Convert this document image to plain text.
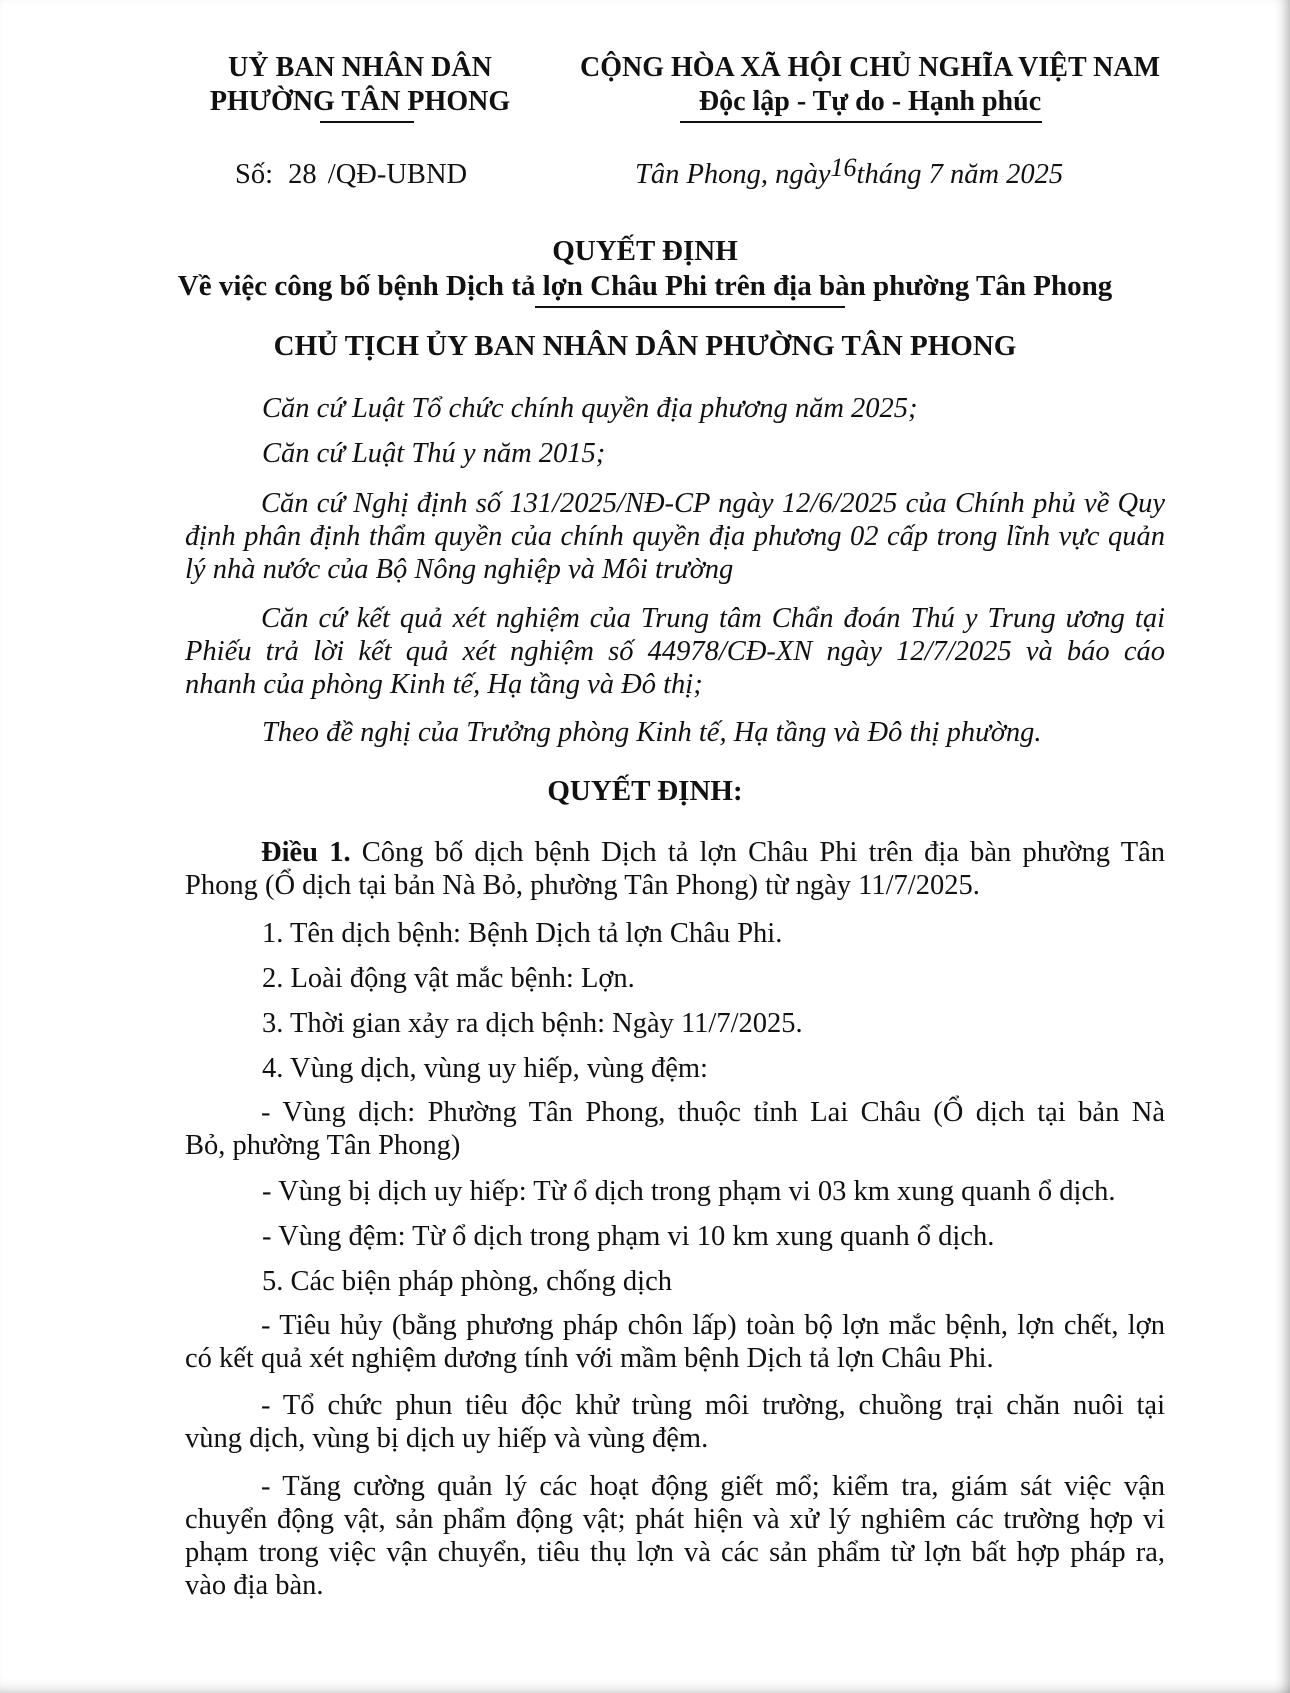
UỶ BAN NHÂN DÂN
PHƯỜNG TÂN PHONG
CỘNG HÒA XÃ HỘI CHỦ NGHĨA VIỆT NAM
Độc lập - Tự do - Hạnh phúc
Số: 28 /QĐ-UBND	Tân Phong, ngày16tháng 7 năm 2025
QUYẾT ĐỊNH
Về việc công bố bệnh Dịch tả lợn Châu Phi trên địa bàn phường Tân Phong
CHỦ TỊCH ỦY BAN NHÂN DÂN PHƯỜNG TÂN PHONG
Căn cứ Luật Tổ chức chính quyền địa phương năm 2025;
Căn cứ Luật Thú y năm 2015;
Căn cứ Nghị định số 131/2025/NĐ-CP ngày 12/6/2025 của Chính phủ về Quy
định phân định thẩm quyền của chính quyền địa phương 02 cấp trong lĩnh vực quản
lý nhà nước của Bộ Nông nghiệp và Môi trường
Căn cứ kết quả xét nghiệm của Trung tâm Chẩn đoán Thú y Trung ương tại
Phiếu trả lời kết quả xét nghiệm số 44978/CĐ-XN ngày 12/7/2025 và báo cáo
nhanh của phòng Kinh tế, Hạ tầng và Đô thị;
Theo đề nghị của Trưởng phòng Kinh tế, Hạ tầng và Đô thị phường.
QUYẾT ĐỊNH:
Điều 1. Công bố dịch bệnh Dịch tả lợn Châu Phi trên địa bàn phường Tân
Phong (Ổ dịch tại bản Nà Bỏ, phường Tân Phong) từ ngày 11/7/2025.
1. Tên dịch bệnh: Bệnh Dịch tả lợn Châu Phi.
2. Loài động vật mắc bệnh: Lợn.
3. Thời gian xảy ra dịch bệnh: Ngày 11/7/2025.
4. Vùng dịch, vùng uy hiếp, vùng đệm:
- Vùng dịch: Phường Tân Phong, thuộc tỉnh Lai Châu (Ổ dịch tại bản Nà
Bỏ, phường Tân Phong)
- Vùng bị dịch uy hiếp: Từ ổ dịch trong phạm vi 03 km xung quanh ổ dịch.
- Vùng đệm: Từ ổ dịch trong phạm vi 10 km xung quanh ổ dịch.
5. Các biện pháp phòng, chống dịch
- Tiêu hủy (bằng phương pháp chôn lấp) toàn bộ lợn mắc bệnh, lợn chết, lợn
có kết quả xét nghiệm dương tính với mầm bệnh Dịch tả lợn Châu Phi.
- Tổ chức phun tiêu độc khử trùng môi trường, chuồng trại chăn nuôi tại
vùng dịch, vùng bị dịch uy hiếp và vùng đệm.
- Tăng cường quản lý các hoạt động giết mổ; kiểm tra, giám sát việc vận
chuyển động vật, sản phẩm động vật; phát hiện và xử lý nghiêm các trường hợp vi
phạm trong việc vận chuyển, tiêu thụ lợn và các sản phẩm từ lợn bất hợp pháp ra,
vào địa bàn.
